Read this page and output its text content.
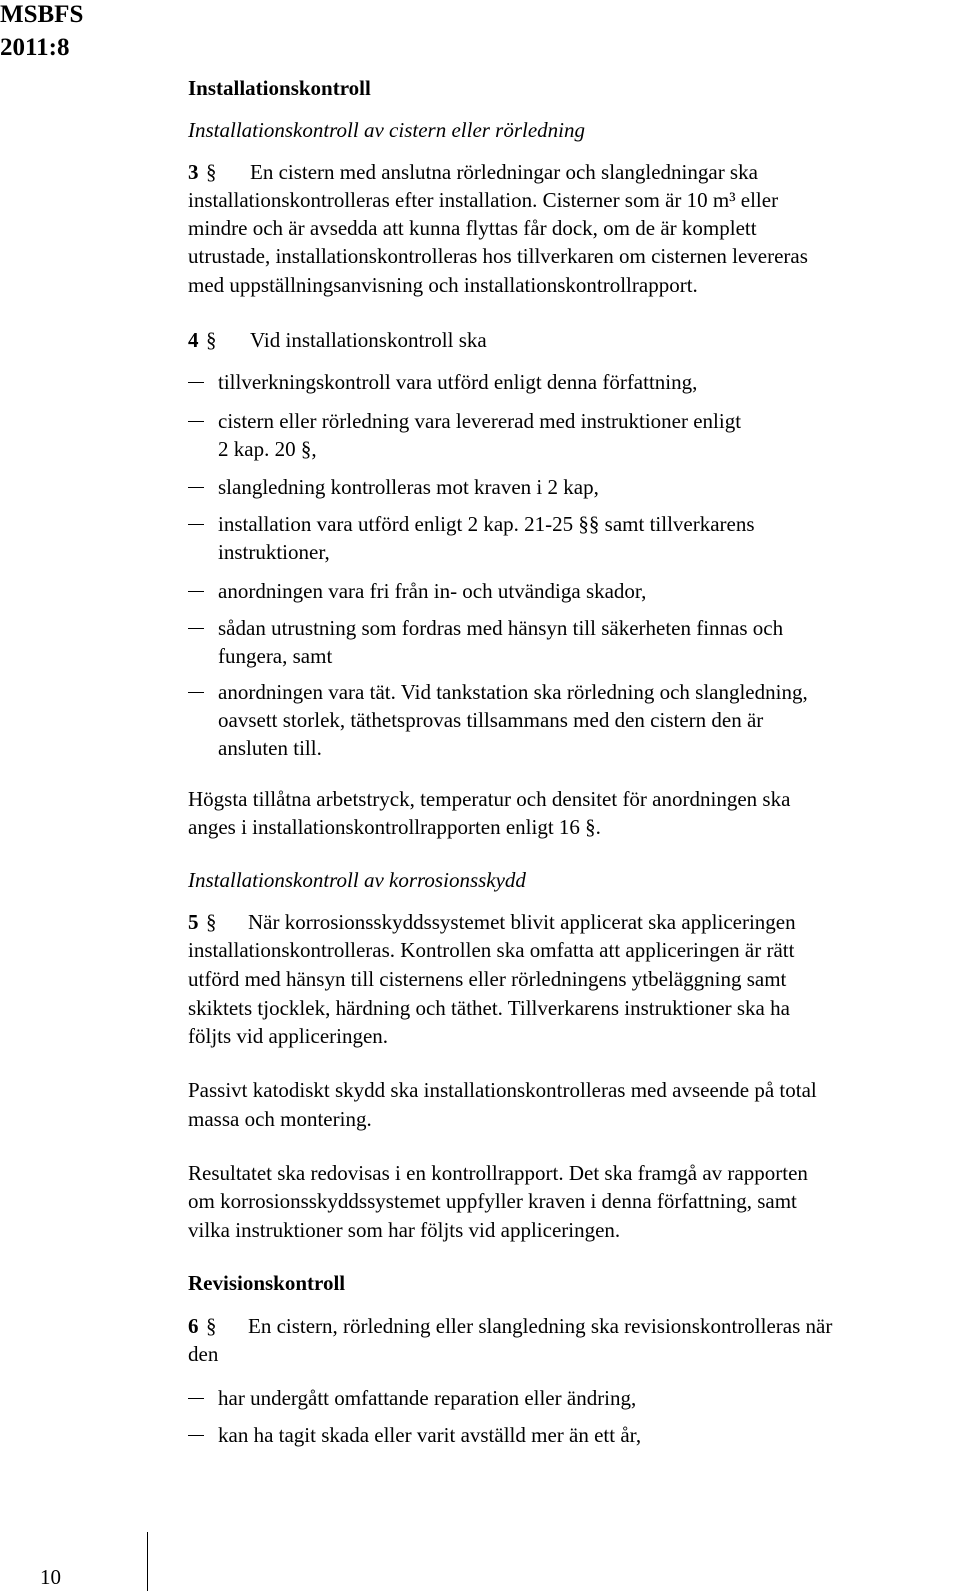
MSBFS
2011:8
Installationskontroll
Installationskontroll av cistern eller rörledning
3 § En cistern med anslutna rörledningar och slangledningar ska
installationskontrolleras efter installation. Cisterner som är 10 m³ eller
mindre och är avsedda att kunna flyttas får dock, om de är komplett
utrustade, installationskontrolleras hos tillverkaren om cisternen levereras
med uppställningsanvisning och installationskontrollrapport.
4 § Vid installationskontroll ska
tillverkningskontroll vara utförd enligt denna författning,
cistern eller rörledning vara levererad med instruktioner enligt
2 kap. 20 §,
slangledning kontrolleras mot kraven i 2 kap,
installation vara utförd enligt 2 kap. 21-25 §§ samt tillverkarens
instruktioner,
anordningen vara fri från in- och utvändiga skador,
sådan utrustning som fordras med hänsyn till säkerheten finnas och
fungera, samt
anordningen vara tät. Vid tankstation ska rörledning och slangledning,
oavsett storlek, täthetsprovas tillsammans med den cistern den är
ansluten till.
Högsta tillåtna arbetstryck, temperatur och densitet för anordningen ska
anges i installationskontrollrapporten enligt 16 §.
Installationskontroll av korrosionsskydd
5 § När korrosionsskyddssystemet blivit applicerat ska appliceringen
installationskontrolleras. Kontrollen ska omfatta att appliceringen är rätt
utförd med hänsyn till cisternens eller rörledningens ytbeläggning samt
skiktets tjocklek, härdning och täthet. Tillverkarens instruktioner ska ha
följts vid appliceringen.
Passivt katodiskt skydd ska installationskontrolleras med avseende på total
massa och montering.
Resultatet ska redovisas i en kontrollrapport. Det ska framgå av rapporten
om korrosionsskyddssystemet uppfyller kraven i denna författning, samt
vilka instruktioner som har följts vid appliceringen.
Revisionskontroll
6 § En cistern, rörledning eller slangledning ska revisionskontrolleras när
den
har undergått omfattande reparation eller ändring,
kan ha tagit skada eller varit avställd mer än ett år,
10
